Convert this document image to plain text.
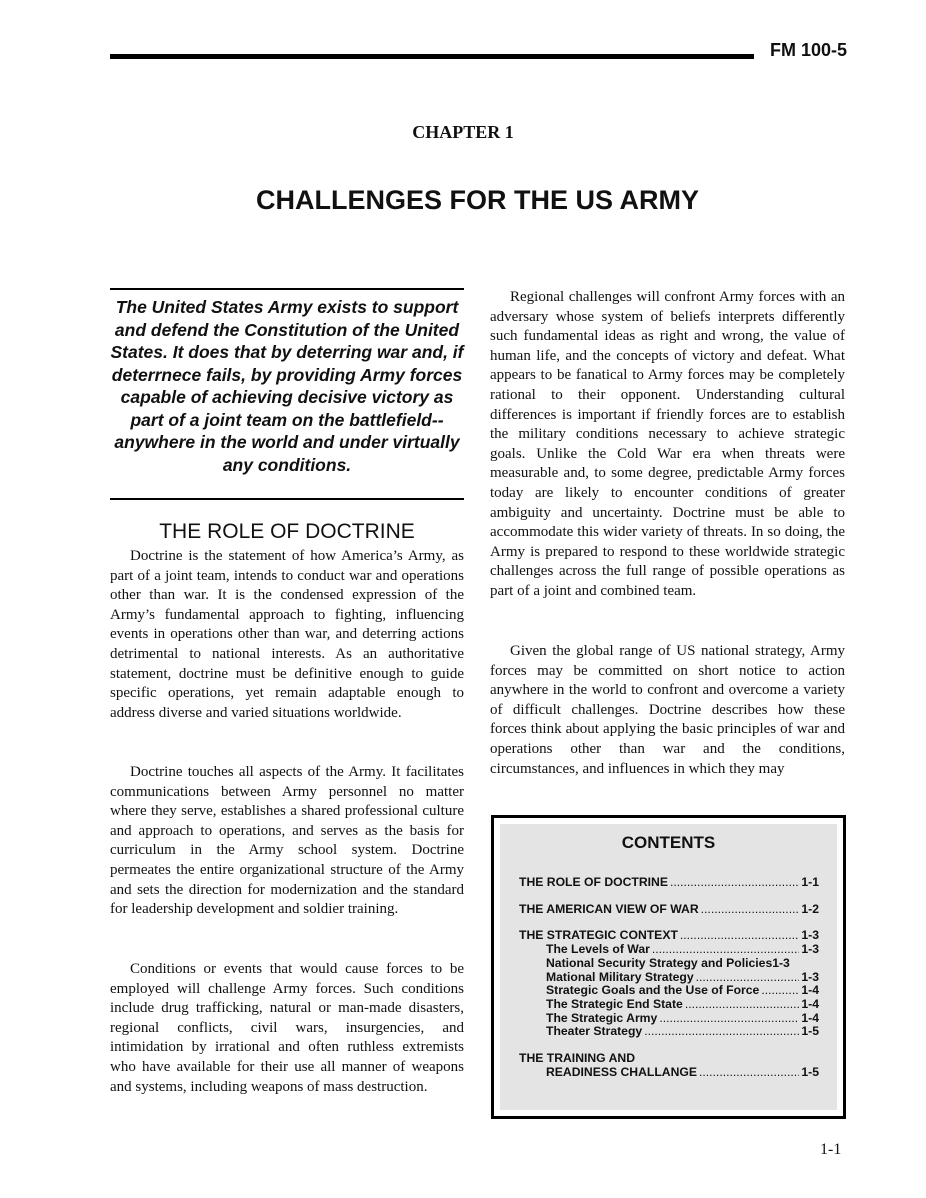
FM 100-5
CHAPTER 1
CHALLENGES FOR THE US ARMY
The United States Army exists to support and defend the Constitution of the United States. It does that by deterring war and, if deterrnece fails, by providing Army forces capable of achieving decisive victory as part of a joint team on the battlefield--anywhere in the world and under virtually any conditions.
THE ROLE OF DOCTRINE

Doctrine is the statement of how America’s Army, as part of a joint team, intends to conduct war and operations other than war. It is the condensed expression of the Army’s fundamental approach to fighting, influencing events in operations other than war, and deterring actions detrimental to national interests. As an authoritative statement, doctrine must be definitive enough to guide specific operations, yet remain adaptable enough to address diverse and varied situations worldwide.

Doctrine touches all aspects of the Army. It facilitates communications between Army personnel no matter where they serve, establishes a shared professional culture and approach to operations, and serves as the basis for curriculum in the Army school system. Doctrine permeates the entire organizational structure of the Army and sets the direction for modernization and the standard for leadership development and soldier training.

Conditions or events that would cause forces to be employed will challenge Army forces. Such conditions include drug trafficking, natural or man-made disasters, regional conflicts, civil wars, insurgencies, and intimidation by irrational and often ruthless extremists who have available for their use all manner of weapons and systems, including weapons of mass destruction.

Regional challenges will confront Army forces with an adversary whose system of beliefs interprets differently such fundamental ideas as right and wrong, the value of human life, and the concepts of victory and defeat. What appears to be fanatical to Army forces may be completely rational to their opponent. Understanding cultural differences is important if friendly forces are to establish the military conditions necessary to achieve strategic goals. Unlike the Cold War era when threats were measurable and, to some degree, predictable Army forces today are likely to encounter conditions of greater ambiguity and uncertainty. Doctrine must be able to accommodate this wider variety of threats. In so doing, the Army is prepared to respond to these worldwide strategic challenges across the full range of possible operations as part of a joint and combined team.

Given the global range of US national strategy, Army forces may be committed on short notice to action anywhere in the world to confront and overcome a variety of difficult challenges. Doctrine describes how these forces think about applying the basic principles of war and operations other than war and the conditions, circumstances, and influences in which they may

CONTENTS
THE ROLE OF DOCTRINE .....	1-1
THE AMERICAN VIEW OF WAR .....	1-2
THE STRATEGIC CONTEXT .....	1-3
The Levels of War .....	1-3
National Security Strategy and Policies 1-3
Mational Military Strategy .....	1-3
Strategic Goals and the Use of Force .....	1-4
The Strategic End State .....	1-4
The Strategic Army .....	1-4
Theater Strategy .....	1-5
THE TRAINING AND
READINESS CHALLANGE .....	1-5
1-1
